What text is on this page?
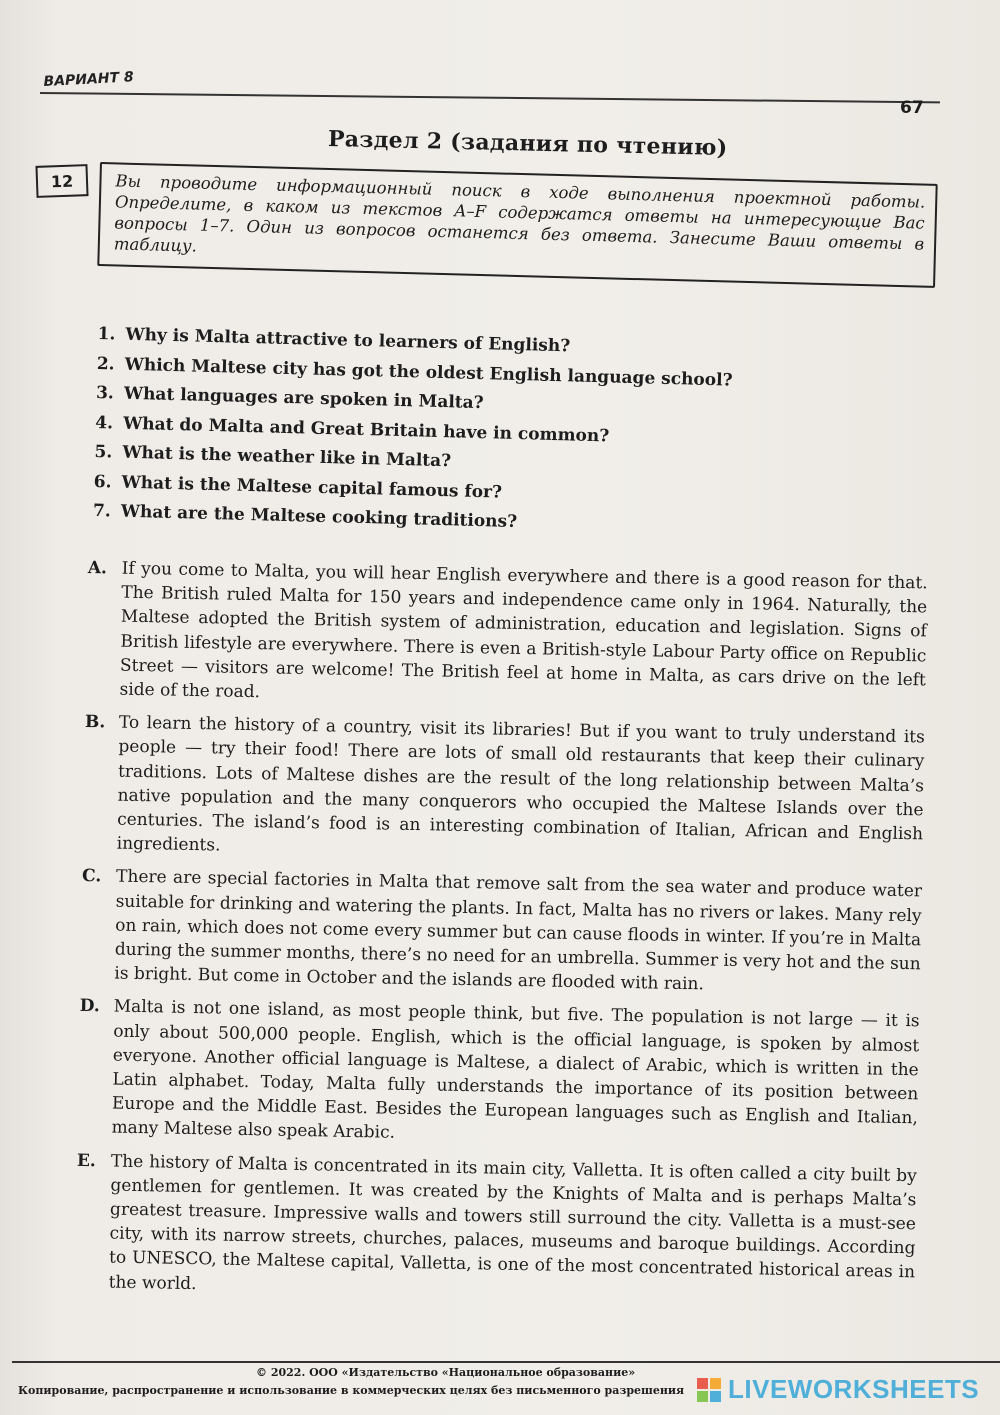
ВАРИАНТ 8
67
Раздел 2 (задания по чтению)
12	Вы проводите информационный поиск в ходе выполнения проектной работы. Определите, в каком из текстов A–F содержатся ответы на интересующие Вас вопросы 1–7. Один из вопросов останется без ответа. Занесите Ваши ответы в таблицу.
1. Why is Malta attractive to learners of English?
2. Which Maltese city has got the oldest English language school?
3. What languages are spoken in Malta?
4. What do Malta and Great Britain have in common?
5. What is the weather like in Malta?
6. What is the Maltese capital famous for?
7. What are the Maltese cooking traditions?
A. If you come to Malta, you will hear English everywhere and there is a good reason for that. The British ruled Malta for 150 years and independence came only in 1964. Naturally, the Maltese adopted the British system of administration, education and legislation. Signs of British lifestyle are everywhere. There is even a British-style Labour Party office on Republic Street — visitors are welcome! The British feel at home in Malta, as cars drive on the left side of the road.
B. To learn the history of a country, visit its libraries! But if you want to truly understand its people — try their food! There are lots of small old restaurants that keep their culinary traditions. Lots of Maltese dishes are the result of the long relationship between Malta’s native population and the many conquerors who occupied the Maltese Islands over the centuries. The island’s food is an interesting combination of Italian, African and English ingredients.
C. There are special factories in Malta that remove salt from the sea water and produce water suitable for drinking and watering the plants. In fact, Malta has no rivers or lakes. Many rely on rain, which does not come every summer but can cause floods in winter. If you’re in Malta during the summer months, there’s no need for an umbrella. Summer is very hot and the sun is bright. But come in October and the islands are flooded with rain.
D. Malta is not one island, as most people think, but five. The population is not large — it is only about 500,000 people. English, which is the official language, is spoken by almost everyone. Another official language is Maltese, a dialect of Arabic, which is written in the Latin alphabet. Today, Malta fully understands the importance of its position between Europe and the Middle East. Besides the European languages such as English and Italian, many Maltese also speak Arabic.
E. The history of Malta is concentrated in its main city, Valletta. It is often called a city built by gentlemen for gentlemen. It was created by the Knights of Malta and is perhaps Malta’s greatest treasure. Impressive walls and towers still surround the city. Valletta is a must-see city, with its narrow streets, churches, palaces, museums and baroque buildings. According to UNESCO, the Maltese capital, Valletta, is one of the most concentrated historical areas in the world.
© 2022. ООО «Издательство «Национальное образование»
Копирование, распространение и использование в коммерческих целях без письменного разрешения LIVEWORKSHEETS
